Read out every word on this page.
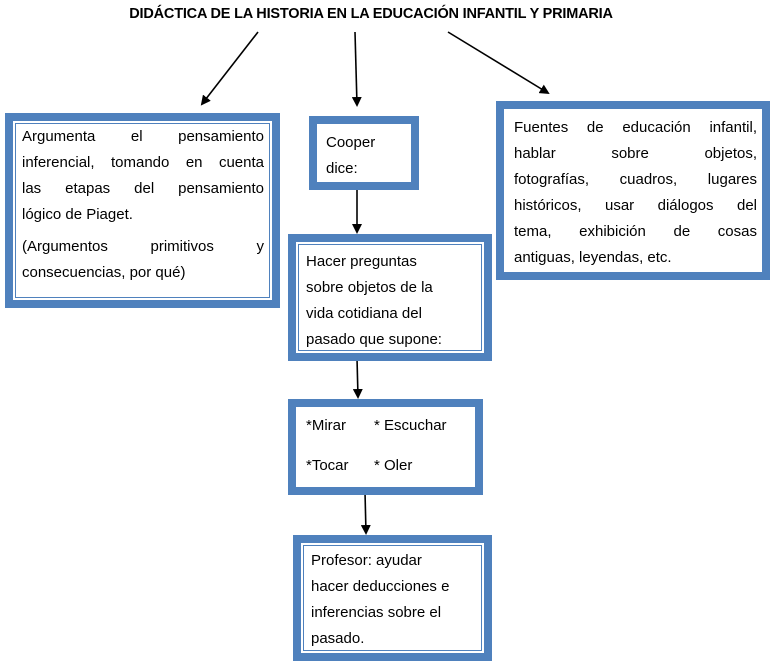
DIDÁCTICA DE LA HISTORIA EN LA EDUCACIÓN INFANTIL Y PRIMARIA
Argumenta el pensamiento
inferencial, tomando en cuenta
las etapas del pensamiento
lógico de Piaget.
(Argumentos primitivos y
consecuencias, por qué)
Cooper
dice:
Hacer preguntas
sobre objetos de la
vida cotidiana del
pasado que supone:
*Mirar	* Escuchar
*Tocar	* Oler
Profesor: ayudar
hacer deducciones e
inferencias sobre el
pasado.
Fuentes de educación infantil,
hablar sobre objetos,
fotografías, cuadros, lugares
históricos, usar diálogos del
tema, exhibición de cosas
antiguas, leyendas, etc.
